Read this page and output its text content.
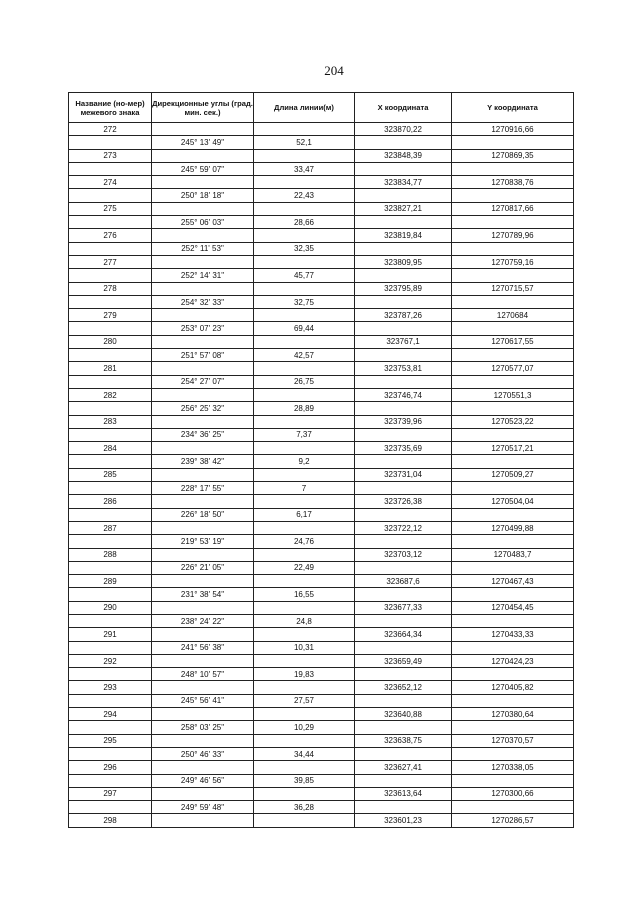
204
Название (но-мер) межевого знака	Дирекционные углы (град. мин. сек.)	Длина линии(м)	X координата	Y координата
272			323870,22	1270916,66
	245° 13' 49"	52,1		
273			323848,39	1270869,35
	245° 59' 07"	33,47		
274			323834,77	1270838,76
	250° 18' 18"	22,43		
275			323827,21	1270817,66
	255° 06' 03"	28,66		
276			323819,84	1270789,96
	252° 11' 53"	32,35		
277			323809,95	1270759,16
	252° 14' 31"	45,77		
278			323795,89	1270715,57
	254° 32' 33"	32,75		
279			323787,26	1270684
	253° 07' 23"	69,44		
280			323767,1	1270617,55
	251° 57' 08"	42,57		
281			323753,81	1270577,07
	254° 27' 07"	26,75		
282			323746,74	1270551,3
	256° 25' 32"	28,89		
283			323739,96	1270523,22
	234° 36' 25"	7,37		
284			323735,69	1270517,21
	239° 38' 42"	9,2		
285			323731,04	1270509,27
	228° 17' 55"	7		
286			323726,38	1270504,04
	226° 18' 50"	6,17		
287			323722,12	1270499,88
	219° 53' 19"	24,76		
288			323703,12	1270483,7
	226° 21' 05"	22,49		
289			323687,6	1270467,43
	231° 38' 54"	16,55		
290			323677,33	1270454,45
	238° 24' 22"	24,8		
291			323664,34	1270433,33
	241° 56' 38"	10,31		
292			323659,49	1270424,23
	248° 10' 57"	19,83		
293			323652,12	1270405,82
	245° 56' 41"	27,57		
294			323640,88	1270380,64
	258° 03' 25"	10,29		
295			323638,75	1270370,57
	250° 46' 33"	34,44		
296			323627,41	1270338,05
	249° 46' 56"	39,85		
297			323613,64	1270300,66
	249° 59' 48"	36,28		
298			323601,23	1270286,57
